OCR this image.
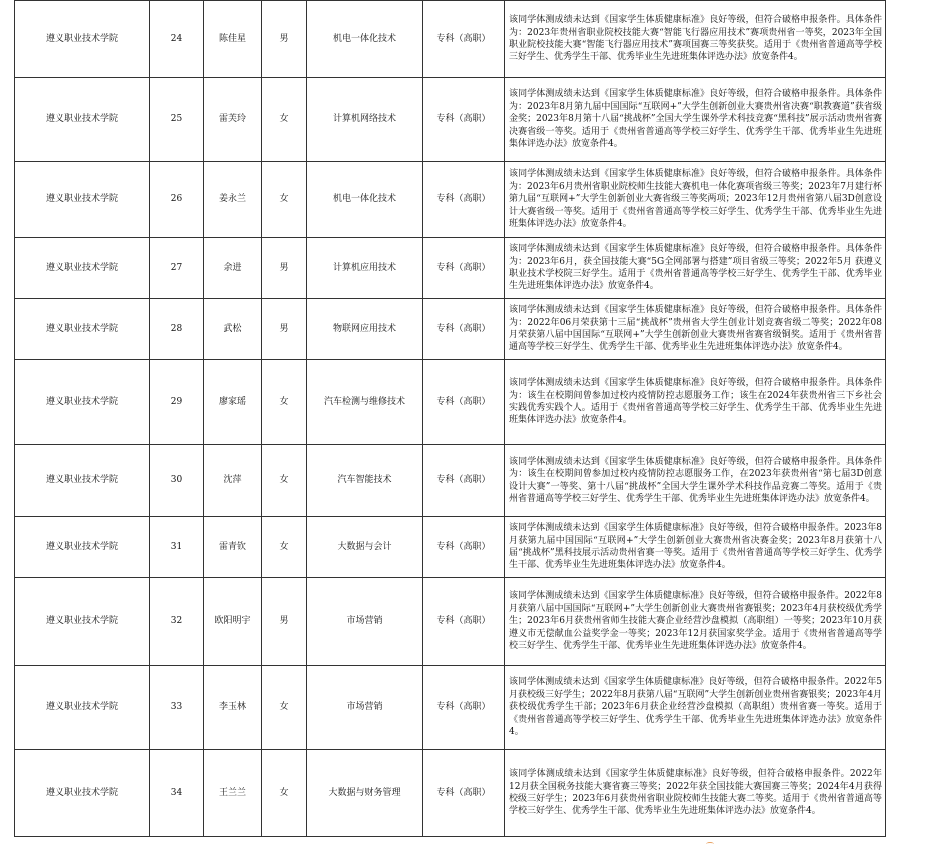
遵义职业技术学院	24	陈佳星	男	机电一体化技术	专科（高职）	该同学体测成绩未达到《国家学生体质健康标准》良好等级，但符合破格申报条件。具体条件为：2023年贵州省职业院校技能大赛“智能飞行器应用技术”赛项贵州省一等奖，2023年全国职业院校技能大赛“智能飞行器应用技术”赛项国赛三等奖获奖。适用于《贵州省普通高等学校三好学生、优秀学生干部、优秀毕业生先进班集体评选办法》放宽条件4。
遵义职业技术学院	25	雷芙玲	女	计算机网络技术	专科（高职）	该同学体测成绩未达到《国家学生体质健康标准》良好等级，但符合破格申报条件。具体条件为：2023年8月第九届中国国际“互联网+”大学生创新创业大赛贵州省决赛“职教赛道”获省级金奖；2023年8月第十八届“挑战杯”全国大学生课外学术科技竞赛“黑科技”展示活动贵州省赛决赛省级一等奖。适用于《贵州省普通高等学校三好学生、优秀学生干部、优秀毕业生先进班集体评选办法》放宽条件4。
遵义职业技术学院	26	姜永兰	女	机电一体化技术	专科（高职）	该同学体测成绩未达到《国家学生体质健康标准》良好等级，但符合破格申报条件。具体条件为：2023年6月贵州省职业院校师生技能大赛机电一体化赛项省级三等奖；2023年7月建行杯第九届“互联网+”大学生创新创业大赛省级三等奖两项；2023年12月贵州省第八届3D创意设计大赛省级一等奖。适用于《贵州省普通高等学校三好学生、优秀学生干部、优秀毕业生先进班集体评选办法》放宽条件4。
遵义职业技术学院	27	余进	男	计算机应用技术	专科（高职）	该同学体测成绩未达到《国家学生体质健康标准》良好等级，但符合破格申报条件。具体条件为：2023年6月，获全国技能大赛“5G全网部署与搭建”项目省级三等奖；2022年5月 获遵义职业技术学校院三好学生。适用于《贵州省普通高等学校三好学生、优秀学生干部、优秀毕业生先进班集体评选办法》放宽条件4。
遵义职业技术学院	28	武松	男	物联网应用技术	专科（高职）	该同学体测成绩未达到《国家学生体质健康标准》良好等级，但符合破格申报条件。具体条件为：2022年06月荣获第十三届“挑战杯”贵州省大学生创业计划竞赛省级二等奖；2022年08月荣获第八届中国国际“互联网+”大学生创新创业大赛贵州省赛省级铜奖。适用于《贵州省普通高等学校三好学生、优秀学生干部、优秀毕业生先进班集体评选办法》放宽条件4。
遵义职业技术学院	29	廖家瑶	女	汽车检测与维修技术	专科（高职）	该同学体测成绩未达到《国家学生体质健康标准》良好等级，但符合破格申报条件。具体条件为：该生在校期间曾参加过校内疫情防控志愿服务工作；该生在2024年获贵州省三下乡社会实践优秀实践个人。适用于《贵州省普通高等学校三好学生、优秀学生干部、优秀毕业生先进班集体评选办法》放宽条件4。
遵义职业技术学院	30	沈萍	女	汽车智能技术	专科（高职）	该同学体测成绩未达到《国家学生体质健康标准》良好等级，但符合破格申报条件。具体条件为：该生在校期间曾参加过校内疫情防控志愿服务工作，在2023年获贵州省“第七届3D创意设计大赛”一等奖、第十八届“挑战杯”全国大学生课外学术科技作品竞赛二等奖。适用于《贵州省普通高等学校三好学生、优秀学生干部、优秀毕业生先进班集体评选办法》放宽条件4。
遵义职业技术学院	31	雷青钦	女	大数据与会计	专科（高职）	该同学体测成绩未达到《国家学生体质健康标准》良好等级，但符合破格申报条件。2023年8月获第九届中国国际“互联网+”大学生创新创业大赛贵州省决赛金奖；2023年8月获第十八届“挑战杯”黑科技展示活动贵州省赛一等奖。适用于《贵州省普通高等学校三好学生、优秀学生干部、优秀毕业生先进班集体评选办法》放宽条件4。
遵义职业技术学院	32	欧阳明宇	男	市场营销	专科（高职）	该同学体测成绩未达到《国家学生体质健康标准》良好等级，但符合破格申报条件。2022年8月获第八届中国国际“互联网+”大学生创新创业大赛贵州省赛银奖；2023年4月获校级优秀学生；2023年6月获贵州省师生技能大赛企业经营沙盘模拟（高职组）一等奖；2023年10月获遵义市无偿献血公益奖学金一等奖；2023年12月获国家奖学金。适用于《贵州省普通高等学校三好学生、优秀学生干部、优秀毕业生先进班集体评选办法》放宽条件4。
遵义职业技术学院	33	李玉林	女	市场营销	专科（高职）	该同学体测成绩未达到《国家学生体质健康标准》良好等级，但符合破格申报条件。2022年5月获校级三好学生；2022年8月获第八届“互联网”大学生创新创业贵州省赛银奖；2023年4月获校级优秀学生干部；2023年6月获企业经营沙盘模拟（高职组）贵州省赛一等奖。适用于《贵州省普通高等学校三好学生、优秀学生干部、优秀毕业生先进班集体评选办法》放宽条件4。
遵义职业技术学院	34	王兰兰	女	大数据与财务管理	专科（高职）	该同学体测成绩未达到《国家学生体质健康标准》良好等级，但符合破格申报条件。2022年12月获全国税务技能大赛省赛三等奖；2022年获全国技能大赛国赛三等奖；2024年4月获得校级三好学生；2023年6月获贵州省职业院校师生技能大赛二等奖。适用于《贵州省普通高等学校三好学生、优秀学生干部、优秀毕业生先进班集体评选办法》放宽条件4。
